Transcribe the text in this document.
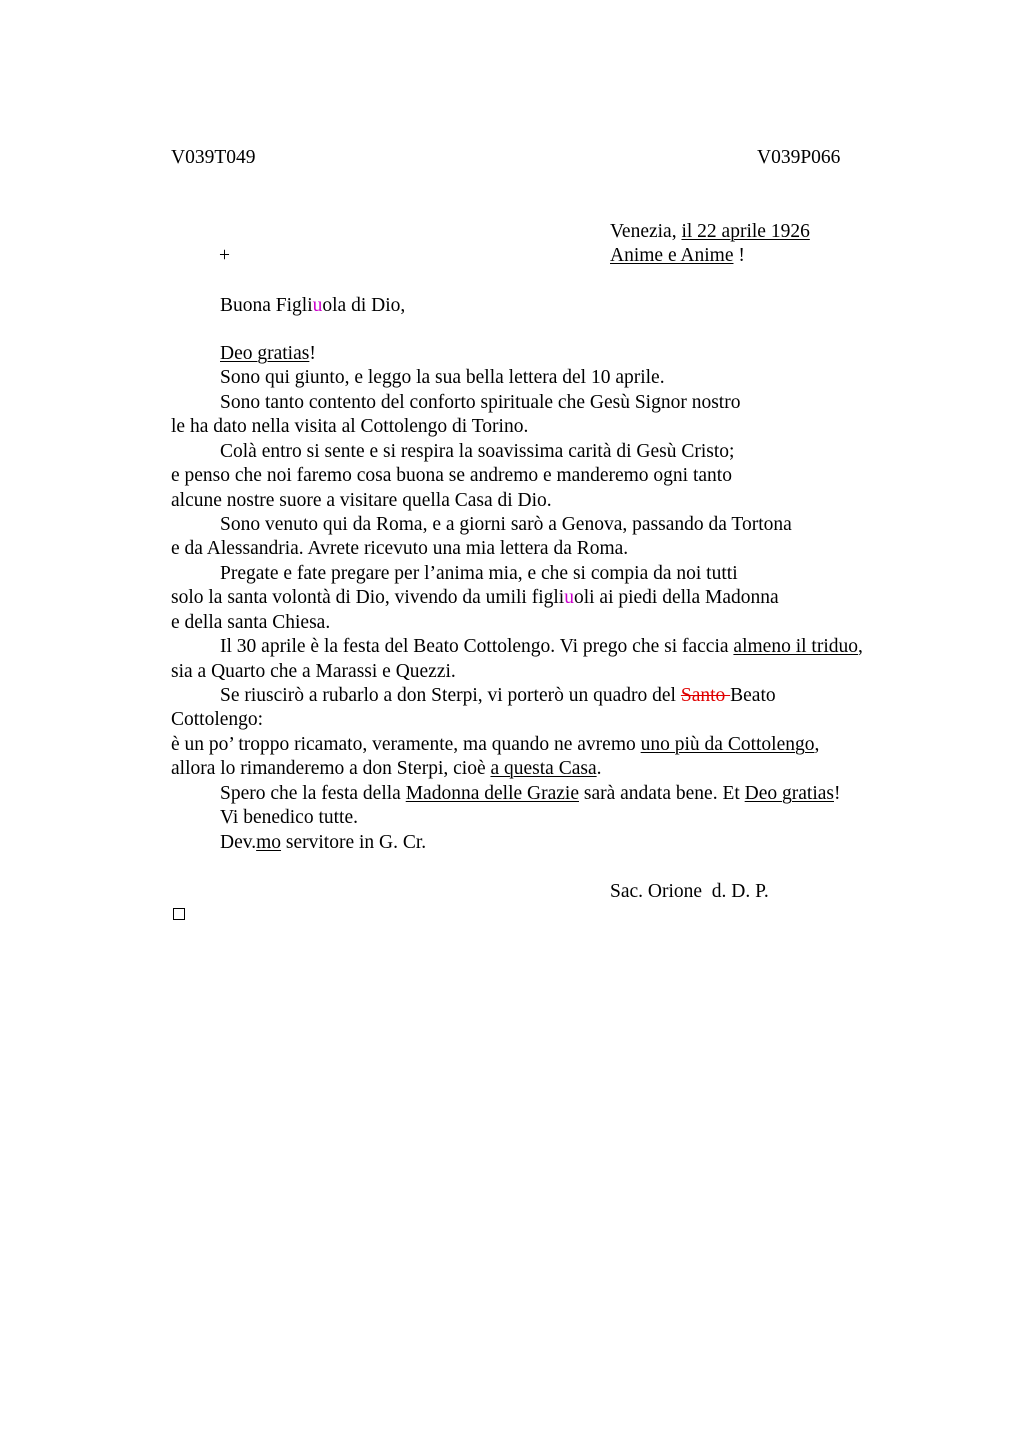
V039T049	V039P066
Venezia, il 22 aprile 1926
Anime e Anime !
+
Buona Figliuola di Dio,
Deo gratias!
Sono qui giunto, e leggo la sua bella lettera del 10 aprile.
Sono tanto contento del conforto spirituale che Gesù Signor nostro
le ha dato nella visita al Cottolengo di Torino.
Colà entro si sente e si respira la soavissima carità di Gesù Cristo;
e penso che noi faremo cosa buona se andremo e manderemo ogni tanto
alcune nostre suore a visitare quella Casa di Dio.
Sono venuto qui da Roma, e a giorni sarò a Genova, passando da Tortona
e da Alessandria. Avrete ricevuto una mia lettera da Roma.
Pregate e fate pregare per l’anima mia, e che si compia da noi tutti
solo la santa volontà di Dio, vivendo da umili figliuoli ai piedi della Madonna
e della santa Chiesa.
Il 30 aprile è la festa del Beato Cottolengo. Vi prego che si faccia almeno il triduo,
sia a Quarto che a Marassi e Quezzi.
Se riuscirò a rubarlo a don Sterpi, vi porterò un quadro del Santo Beato
Cottolengo:
è un po’ troppo ricamato, veramente, ma quando ne avremo uno più da Cottolengo,
allora lo rimanderemo a don Sterpi, cioè a questa Casa.
Spero che la festa della Madonna delle Grazie sarà andata bene. Et Deo gratias!
Vi benedico tutte.
Dev.mo servitore in G. Cr.
Sac. Orione  d. D. P.
